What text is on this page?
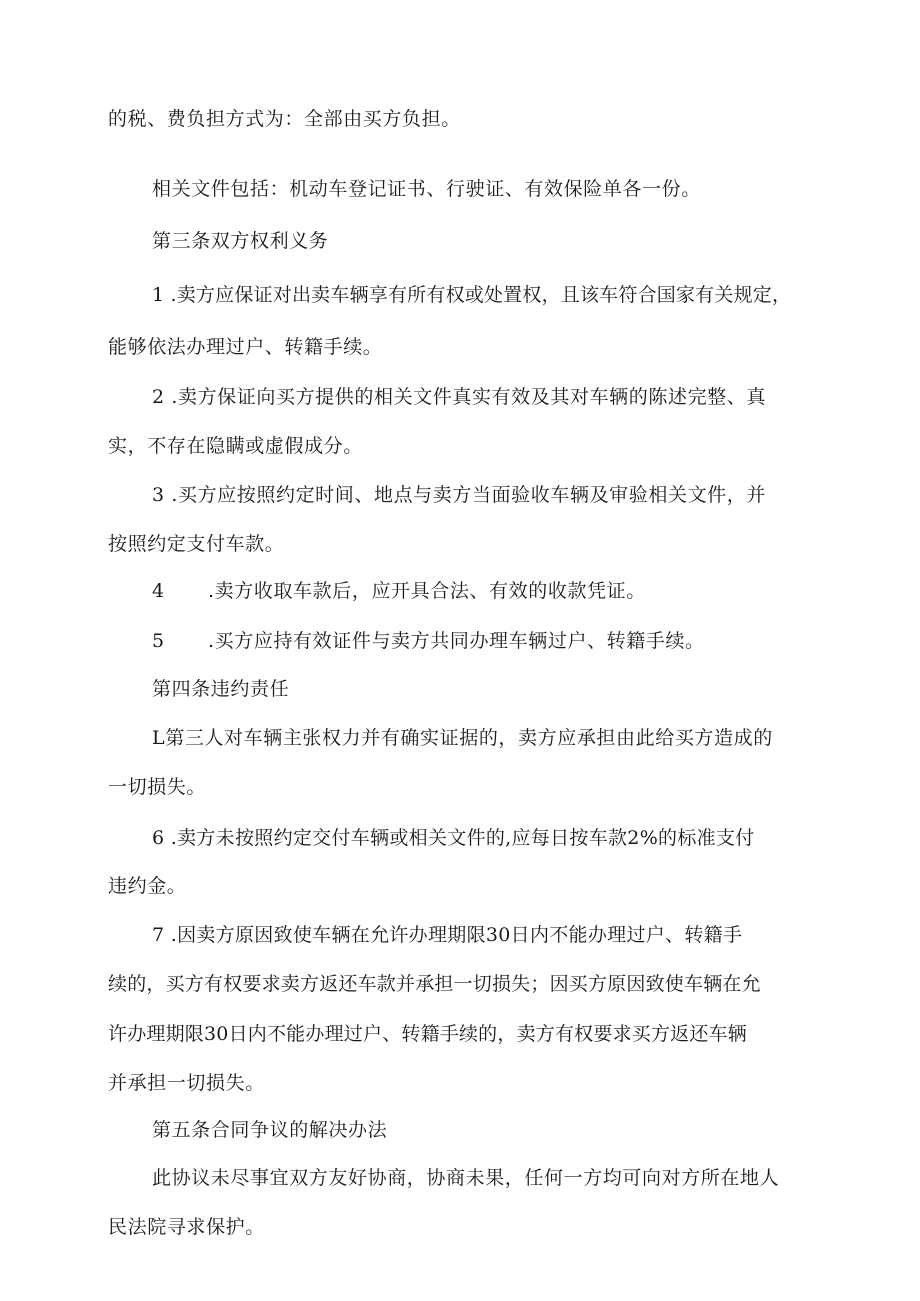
的税、费负担方式为：全部由买方负担。
相关文件包括：机动车登记证书、行驶证、有效保险单各一份。
第三条双方权利义务
1 .卖方应保证对出卖车辆享有所有权或处置权，且该车符合国家有关规定，
能够依法办理过户、转籍手续。
2 .卖方保证向买方提供的相关文件真实有效及其对车辆的陈述完整、真
实，不存在隐瞒或虚假成分。
3 .买方应按照约定时间、地点与卖方当面验收车辆及审验相关文件，并
按照约定支付车款。
4 .卖方收取车款后，应开具合法、有效的收款凭证。
5 .买方应持有效证件与卖方共同办理车辆过户、转籍手续。
第四条违约责任
L第三人对车辆主张权力并有确实证据的，卖方应承担由此给买方造成的
一切损失。
6 .卖方未按照约定交付车辆或相关文件的,应每日按车款2%的标准支付
违约金。
7 .因卖方原因致使车辆在允许办理期限30日内不能办理过户、转籍手
续的，买方有权要求卖方返还车款并承担一切损失；因买方原因致使车辆在允
许办理期限30日内不能办理过户、转籍手续的，卖方有权要求买方返还车辆
并承担一切损失。
第五条合同争议的解决办法
此协议未尽事宜双方友好协商，协商未果，任何一方均可向对方所在地人
民法院寻求保护。
